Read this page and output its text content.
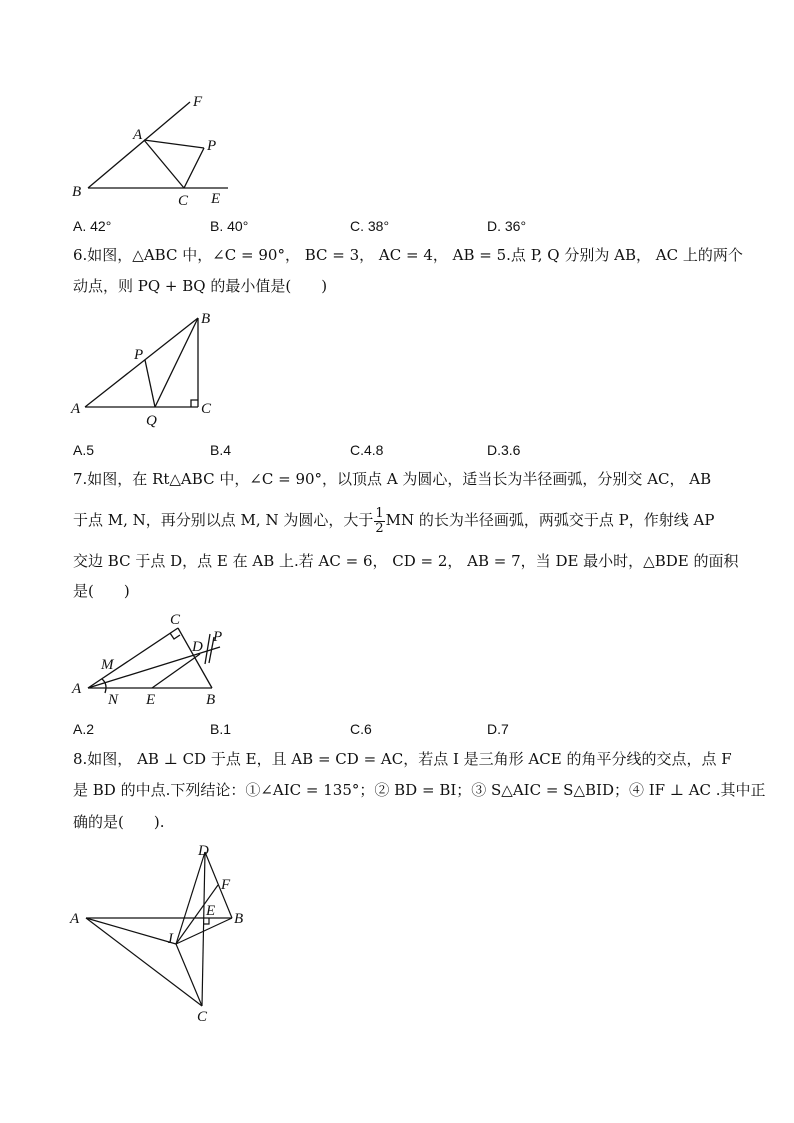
F
A
P
B
C E
A. 42°	B. 40°	C. 38°	D. 36°
6.如图，△ABC 中，∠C = 90°， BC = 3， AC = 4， AB = 5.点 P, Q 分别为 AB， AC 上的两个
动点，则 PQ + BQ 的最小值是(　　)
A
B
C
P
Q
A.5	B.4	C.4.8	D.3.6
7.如图，在 Rt△ABC 中，∠C = 90°，以顶点 A 为圆心，适当长为半径画弧，分别交 AC， AB
于点 M, N，再分别以点 M, N 为圆心，大于 $\frac{1}{2}$ MN 的长为半径画弧，两弧交于点 P，作射线 AP
交边 BC 于点 D，点 E 在 AB 上.若 AC = 6， CD = 2， AB = 7，当 DE 最小时，△BDE 的面积
是(　　)
C
D
P
M
A
N E	B
A.2	B.1	C.6	D.7
8.如图， AB ⊥ CD 于点 E，且 AB = CD = AC，若点 I 是三角形 ACE 的角平分线的交点，点 F
是 BD 的中点.下列结论：①∠AIC = 135°；② BD = BI；③ S△AIC = S△BID；④ IF ⊥ AC .其中正
确的是(　　).
D
F
E
A	B
I
C
